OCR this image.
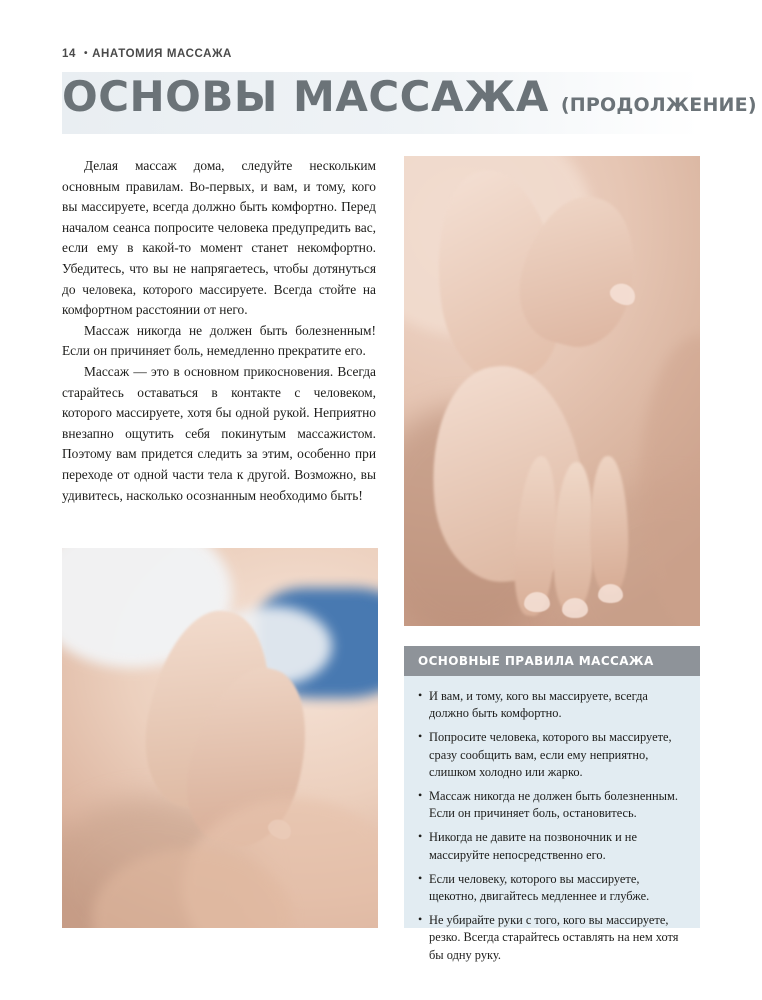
14 • АНАТОМИЯ МАССАЖА
ОСНОВЫ МАССАЖА (ПРОДОЛЖЕНИЕ)

Делая массаж дома, следуйте нескольким основным правилам. Во-первых, и вам, и тому, кого вы массируете, всегда должно быть комфортно. Перед началом сеанса попросите человека предупредить вас, если ему в какой-то момент станет некомфортно. Убедитесь, что вы не напрягаетесь, чтобы дотянуться до человека, которого массируете. Всегда стойте на комфортном расстоянии от него.

Массаж никогда не должен быть болезненным! Если он причиняет боль, немедленно прекратите его.

Массаж — это в основном прикосновения. Всегда старайтесь оставаться в контакте с человеком, которого массируете, хотя бы одной рукой. Неприятно внезапно ощутить себя покинутым массажистом. Поэтому вам придется следить за этим, особенно при переходе от одной части тела к другой. Возможно, вы удивитесь, насколько осознанным необходимо быть!

ОСНОВНЫЕ ПРАВИЛА МАССАЖА
• И вам, и тому, кого вы массируете, всегда должно быть комфортно.
• Попросите человека, которого вы массируете, сразу сообщить вам, если ему неприятно, слишком холодно или жарко.
• Массаж никогда не должен быть болезненным. Если он причиняет боль, остановитесь.
• Никогда не давите на позвоночник и не массируйте непосредственно его.
• Если человеку, которого вы массируете, щекотно, двигайтесь медленнее и глубже.
• Не убирайте руки с того, кого вы массируете, резко. Всегда старайтесь оставлять на нем хотя бы одну руку.
